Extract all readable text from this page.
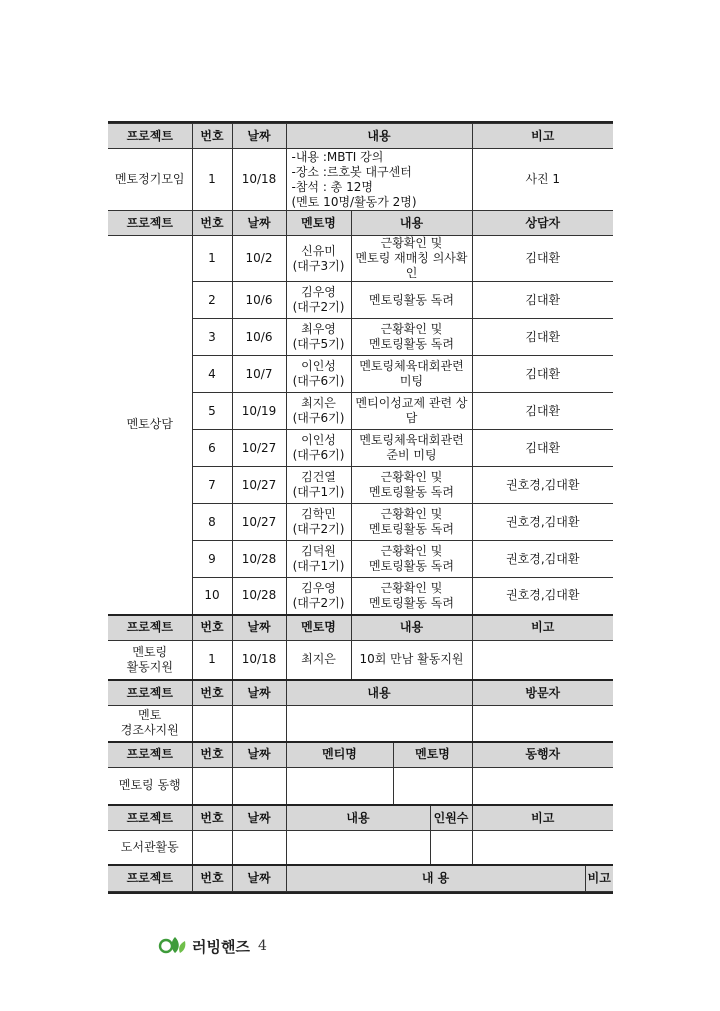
프로젝트	번호	날짜	내용				비고	
멘토정기모임	1	10/18	-내용 :MBTI 강의
-장소 :르호봇 대구센터
-참석 : 총 12명
(멘토 10명/활동가 2명)				사진 1	
프로젝트	번호	날짜	멘토명	내용			상담자	
멘토상담	1	10/2	신유미
(대구3기)	근황확인 및
멘토링 재매칭 의사확인			김대환	
	2	10/6	김우영
(대구2기)	멘토링활동 독려			김대환	
	3	10/6	최우영
(대구5기)	근황확인 및
멘토링활동 독려			김대환	
	4	10/7	이인성
(대구6기)	멘토링체육대회관련 미팅			김대환	
	5	10/19	최지은
(대구6기)	멘티이성교제 관련 상담			김대환	
	6	10/27	이인성
(대구6기)	멘토링체육대회관련
준비 미팅			김대환	
	7	10/27	김건열
(대구1기)	근황확인 및
멘토링활동 독려			권호경,김대환	
	8	10/27	김학민
(대구2기)	근황확인 및
멘토링활동 독려			권호경,김대환	
	9	10/28	김덕원
(대구1기)	근황확인 및
멘토링활동 독려			권호경,김대환	
	10	10/28	김우영
(대구2기)	근황확인 및
멘토링활동 독려			권호경,김대환	
프로젝트	번호	날짜	멘토명	내용			비고	
멘토링
활동지원	1	10/18	최지은	10회 만남 활동지원				
프로젝트	번호	날짜	내용				방문자	
멘토
경조사지원								
프로젝트	번호	날짜	멘티명		멘토명		동행자	
멘토링 동행								
프로젝트	번호	날짜	내용			인원수	비고	
도서관활동								
프로젝트	번호	날짜	내 용					비고
러빙핸즈 4
